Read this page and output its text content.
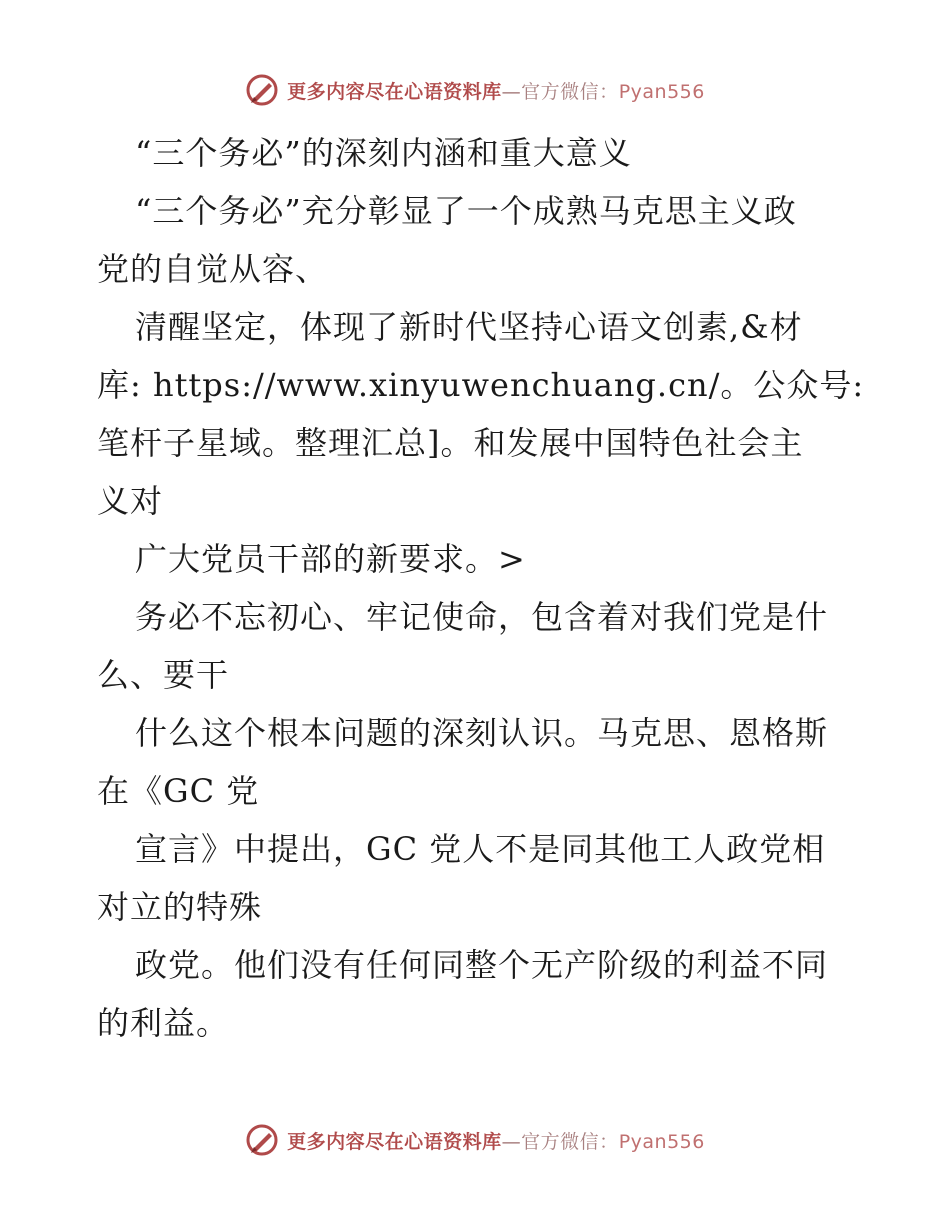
更多内容尽在心语资料库—官方微信：Pyan556
“三个务必”的深刻内涵和重大意义
“三个务必”充分彰显了一个成熟马克思主义政
党的自觉从容、
清醒坚定，体现了新时代坚持心语文创素,&材
库: https://www.xinyuwenchuang.cn/。公众号:
笔杆子星域。整理汇总]。和发展中国特色社会主
义对
广大党员干部的新要求。>
务必不忘初心、牢记使命，包含着对我们党是什
么、要干
什么这个根本问题的深刻认识。马克思、恩格斯
在《GC 党
宣言》中提出，GC 党人不是同其他工人政党相
对立的特殊
政党。他们没有任何同整个无产阶级的利益不同
的利益。
更多内容尽在心语资料库—官方微信：Pyan556
